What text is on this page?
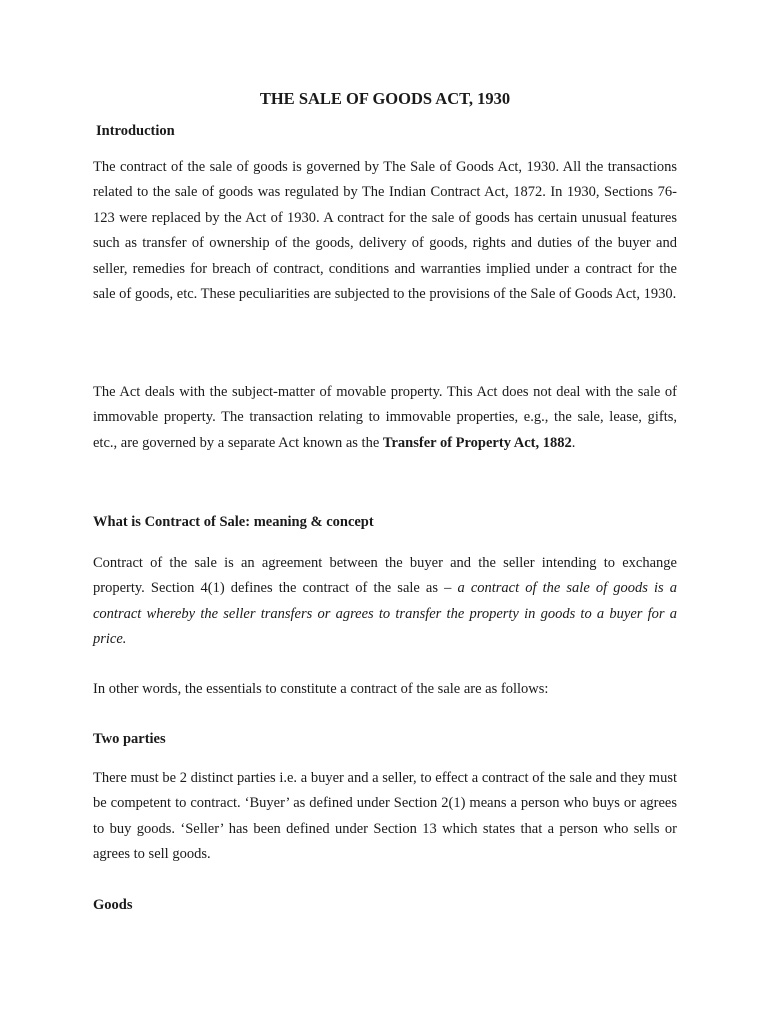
THE SALE OF GOODS ACT, 1930
Introduction

The contract of the sale of goods is governed by The Sale of Goods Act, 1930. All the transactions related to the sale of goods was regulated by The Indian Contract Act, 1872. In 1930, Sections 76-123 were replaced by the Act of 1930. A contract for the sale of goods has certain unusual features such as transfer of ownership of the goods, delivery of goods, rights and duties of the buyer and seller, remedies for breach of contract, conditions and warranties implied under a contract for the sale of goods, etc. These peculiarities are subjected to the provisions of the Sale of Goods Act, 1930.

The Act deals with the subject-matter of movable property. This Act does not deal with the sale of immovable property. The transaction relating to immovable properties, e.g., the sale, lease, gifts, etc., are governed by a separate Act known as the Transfer of Property Act, 1882.

What is Contract of Sale: meaning & concept

Contract of the sale is an agreement between the buyer and the seller intending to exchange property. Section 4(1) defines the contract of the sale as – a contract of the sale of goods is a contract whereby the seller transfers or agrees to transfer the property in goods to a buyer for a price.

In other words, the essentials to constitute a contract of the sale are as follows:

Two parties

There must be 2 distinct parties i.e. a buyer and a seller, to effect a contract of the sale and they must be competent to contract. ‘Buyer’ as defined under Section 2(1) means a person who buys or agrees to buy goods. ‘Seller’ has been defined under Section 13 which states that a person who sells or agrees to sell goods.

Goods
